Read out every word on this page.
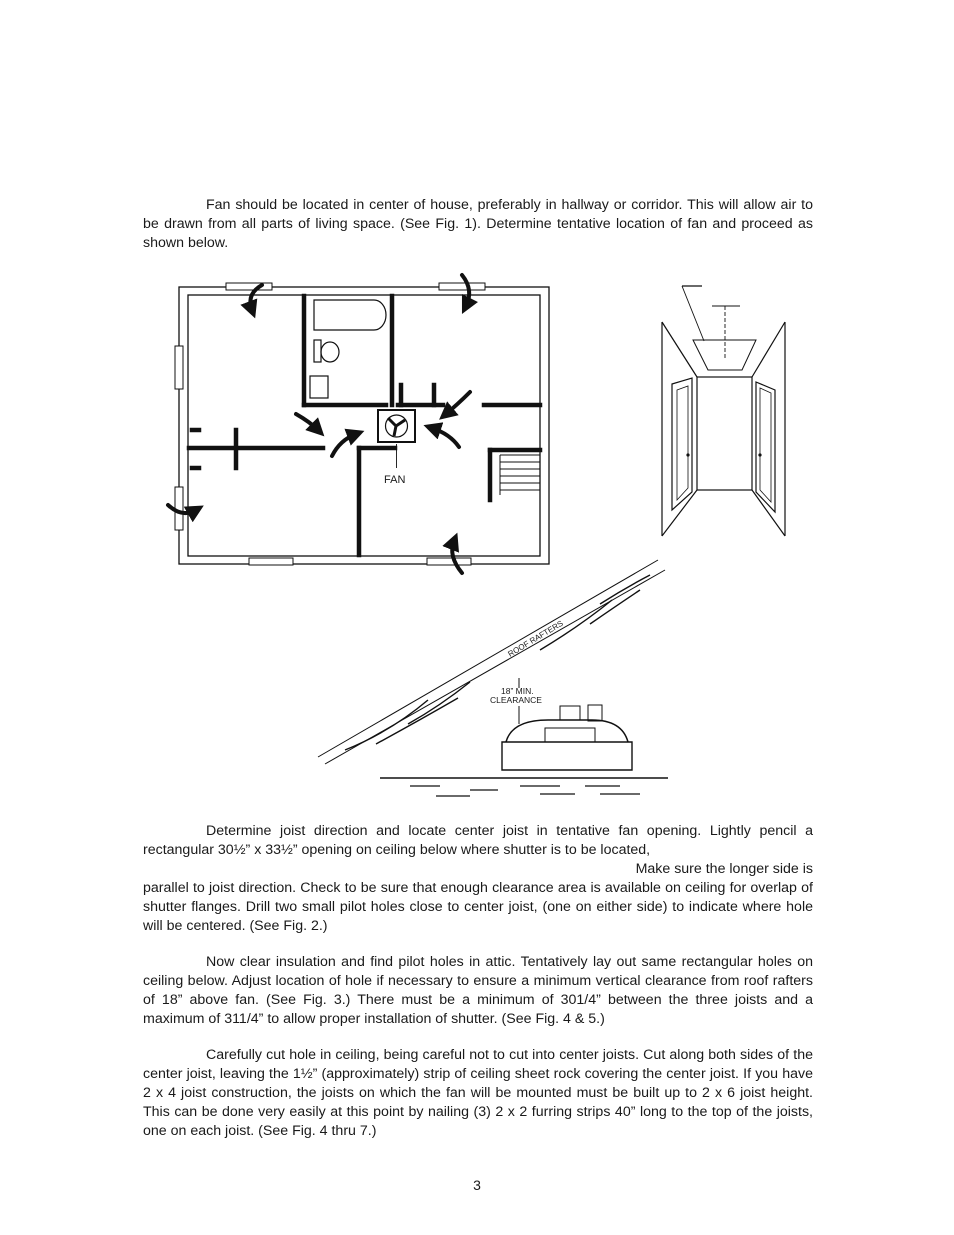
Fan should be located in center of house, preferably in hallway or corridor. This will allow air to be drawn from all parts of living space. (See Fig. 1). Determine tentative location of fan and proceed as shown below.

FAN
ROOF RAFTERS
18” MIN.
CLEARANCE
Determine joist direction and locate center joist in tentative fan opening. Lightly pencil a rectangular 30½” x 33½” opening on ceiling below where shutter is to be located,
Make sure the longer side is
parallel to joist direction. Check to be sure that enough clearance area is available on ceiling for overlap of shutter flanges. Drill two small pilot holes close to center joist, (one on either side) to indicate where hole will be centered. (See Fig. 2.)

Now clear insulation and find pilot holes in attic. Tentatively lay out same rectangular holes on ceiling below. Adjust location of hole if necessary to ensure a minimum vertical clearance from roof rafters of 18” above fan. (See Fig. 3.) There must be a minimum of 301/4” between the three joists and a maximum of 311/4” to allow proper installation of shutter. (See Fig. 4 & 5.)

Carefully cut hole in ceiling, being careful not to cut into center joists. Cut along both sides of the center joist, leaving the 1½” (approximately) strip of ceiling sheet rock covering the center joist. If you have 2 x 4 joist construction, the joists on which the fan will be mounted must be built up to 2 x 6 joist height. This can be done very easily at this point by nailing (3) 2 x 2 furring strips 40” long to the top of the joists, one on each joist. (See Fig. 4 thru 7.)

3
